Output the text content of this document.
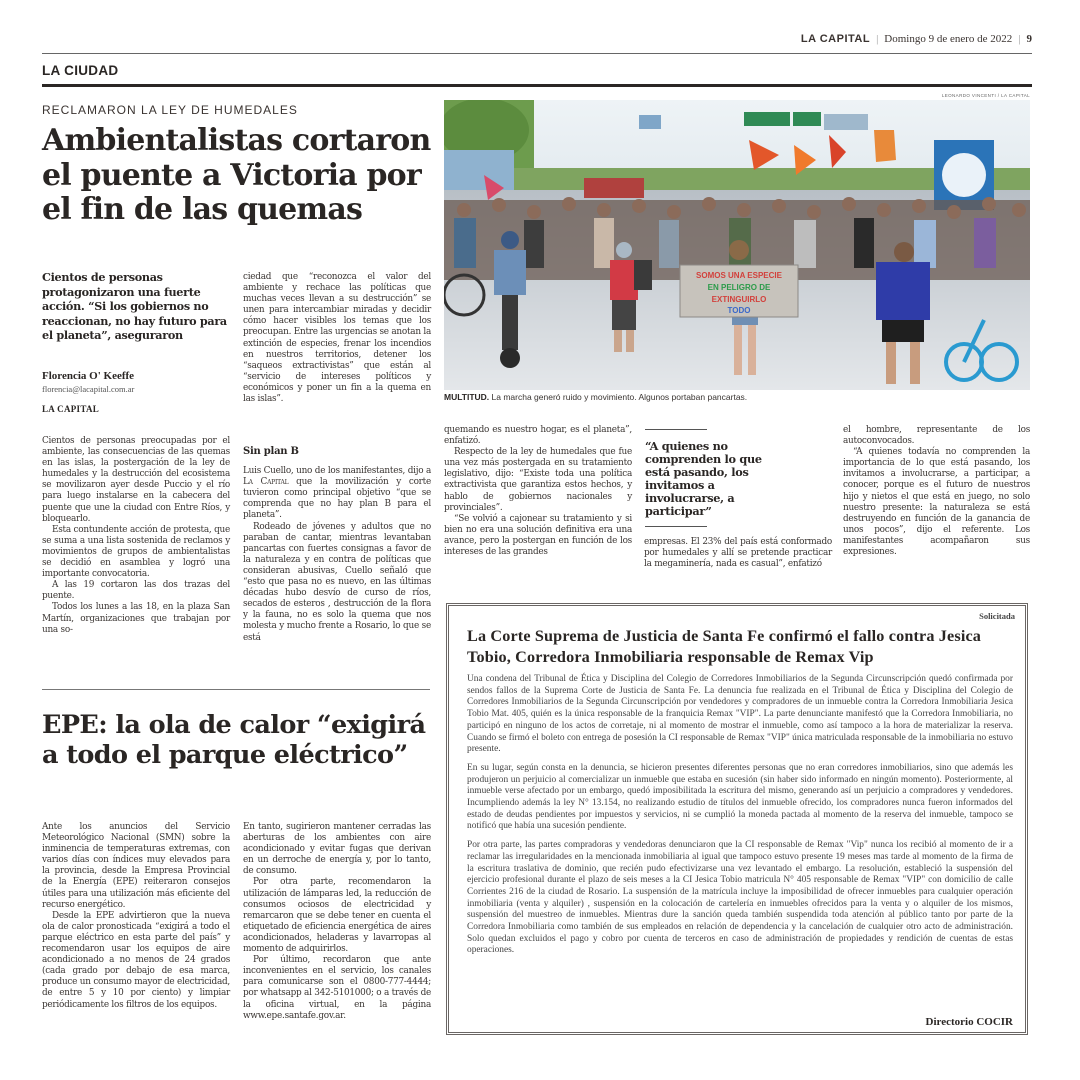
LA CAPITAL | Domingo 9 de enero de 2022 | 9
LA CIUDAD
RECLAMARON LA LEY DE HUMEDALES
Ambientalistas cortaron el puente a Victoria por el fin de las quemas
Cientos de personas protagonizaron una fuerte acción. “Si los gobiernos no reaccionan, no hay futuro para el planeta”, aseguraron
Florencia O' Keeffe
florencia@lacapital.com.ar
LA CAPITAL

ciedad que “reconozca el valor del ambiente y rechace las políticas que muchas veces llevan a su destrucción” se unen para intercambiar miradas y decidir cómo hacer visibles los temas que los preocupan. Entre las urgencias se anotan la extinción de especies, frenar los incendios en nuestros territorios, detener los “saqueos extractivistas” que están al “servicio de intereses políticos y económicos y poner un fin a la quema en las islas”.

Cientos de personas preocupadas por el ambiente, las consecuencias de las quemas en las islas, la postergación de la ley de humedales y la destrucción del ecosistema se movilizaron ayer desde Puccio y el río para luego instalarse en la cabecera del puente que une la ciudad con Entre Ríos, y bloquearlo.

Esta contundente acción de protesta, que se suma a una lista sostenida de reclamos y movimientos de grupos de ambientalistas se decidió en asamblea y logró una importante convocatoria.

A las 19 cortaron las dos trazas del puente.

Todos los lunes a las 18, en la plaza San Martín, organizaciones que trabajan por una so-

Sin plan B

Luis Cuello, uno de los manifestantes, dijo a La Capital que la movilización y corte tuvieron como principal objetivo “que se comprenda que no hay plan B para el planeta”.

Rodeado de jóvenes y adultos que no paraban de cantar, mientras levantaban pancartas con fuertes consignas a favor de la naturaleza y en contra de políticas que consideran abusivas, Cuello señaló que “esto que pasa no es nuevo, en las últimas décadas hubo desvío de curso de ríos, secados de esteros , destrucción de la flora y la fauna, no es solo la quema que nos molesta y mucho frente a Rosario, lo que se está

LEONARDO VINCENTI / LA CAPITAL
SOMOS UNA ESPECIE
EN PELIGRO DE
EXTINGUIRLO
TODO
MULTITUD. La marcha generó ruido y movimiento. Algunos portaban pancartas.

quemando es nuestro hogar, es el planeta”, enfatizó.

Respecto de la ley de humedales que fue una vez más postergada en su tratamiento legislativo, dijo: “Existe toda una política extractivista que garantiza estos hechos, y hablo de gobiernos nacionales y provinciales”.

“Se volvió a cajonear su tratamiento y si bien no era una solución definitiva era una avance, pero la postergan en función de los intereses de las grandes

“A quienes no comprenden lo que está pasando, los invitamos a involucrarse, a participar”

empresas. El 23% del país está conformado por humedales y allí se pretende practicar la megaminería, nada es casual”, enfatizó

el hombre, representante de los autoconvocados.

“A quienes todavía no comprenden la importancia de lo que está pasando, los invitamos a involucrarse, a participar, a conocer, porque es el futuro de nuestros hijo y nietos el que está en juego, no solo nuestro presente: la naturaleza se está destruyendo en función de la ganancia de unos pocos”, dijo el referente. Los manifestantes acompañaron sus expresiones.

EPE: la ola de calor “exigirá a todo el parque eléctrico”

Ante los anuncios del Servicio Meteorológico Nacional (SMN) sobre la inminencia de temperaturas extremas, con varios días con índices muy elevados para la provincia, desde la Empresa Provincial de la Energía (EPE) reiteraron consejos útiles para una utilización más eficiente del recurso energético.

Desde la EPE advirtieron que la nueva ola de calor pronosticada “exigirá a todo el parque eléctrico en esta parte del país” y recomendaron usar los equipos de aire acondicionado a no menos de 24 grados (cada grado por debajo de esa marca, produce un consumo mayor de electricidad, de entre 5 y 10 por ciento) y limpiar periódicamente los filtros de los equipos.

En tanto, sugirieron mantener cerradas las aberturas de los ambientes con aire acondicionado y evitar fugas que derivan en un derroche de energía y, por lo tanto, de consumo.

Por otra parte, recomendaron la utilización de lámparas led, la reducción de consumos ociosos de electricidad y remarcaron que se debe tener en cuenta el etiquetado de eficiencia energética de aires acondicionados, heladeras y lavarropas al momento de adquirirlos.

Por último, recordaron que ante inconvenientes en el servicio, los canales para comunicarse son el 0800-777-4444; por whatsapp al 342-5101000; o a través de la oficina virtual, en la página www.epe.santafe.gov.ar.

Solicitada
La Corte Suprema de Justicia de Santa Fe confirmó el fallo contra Jesica Tobio, Corredora Inmobiliaria responsable de Remax Vip

Una condena del Tribunal de Ética y Disciplina del Colegio de Corredores Inmobiliarios de la Segunda Circunscripción quedó confirmada por sendos fallos de la Suprema Corte de Justicia de Santa Fe. La denuncia fue realizada en el Tribunal de Ética y Disciplina del Colegio de Corredores Inmobiliarios de la Segunda Circunscripción por vendedores y compradores de un inmueble contra la Corredora Inmobiliaria Jesica Tobio Mat. 405, quién es la única responsable de la franquicia Remax "VIP". La parte denunciante manifestó que la Corredora Inmobiliaria, no participó en ninguno de los actos de corretaje, ni al momento de mostrar el inmueble, como así tampoco a la hora de materializar la reserva. Cuando se firmó el boleto con entrega de posesión la CI responsable de Remax "VIP" única matriculada responsable de la inmobiliaria no estuvo presente.

En su lugar, según consta en la denuncia, se hicieron presentes diferentes personas que no eran corredores inmobiliarios, sino que además les produjeron un perjuicio al comercializar un inmueble que estaba en sucesión (sin haber sido informado en ningún momento). Posteriormente, al inmueble verse afectado por un embargo, quedó imposibilitada la escritura del mismo, generando así un perjuicio a compradores y vendedores. Incumpliendo además la ley N° 13.154, no realizando estudio de títulos del inmueble ofrecido, los compradores nunca fueron informados del estado de deudas pendientes por impuestos y servicios, ni se cumplió la moneda pactada al momento de la reserva del inmueble, tampoco se notificó que había una sucesión pendiente.

Por otra parte, las partes compradoras y vendedoras denunciaron que la CI responsable de Remax "Vip" nunca los recibió al momento de ir a reclamar las irregularidades en la mencionada inmobiliaria al igual que tampoco estuvo presente 19 meses mas tarde al momento de la firma de la escritura traslativa de dominio, que recién pudo efectivizarse una vez levantado el embargo. La resolución, estableció la suspensión del ejercicio profesional durante el plazo de seis meses a la CI Jesica Tobio matricula N° 405 responsable de Remax "VIP" con domicilio de calle Corrientes 216 de la ciudad de Rosario. La suspensión de la matrícula incluye la imposibilidad de ofrecer inmuebles para cualquier operación inmobiliaria (venta y alquiler) , suspensión en la colocación de cartelería en inmuebles ofrecidos para la venta y o alquiler de los mismos, suspensión del muestreo de inmuebles. Mientras dure la sanción queda también suspendida toda atención al público tanto por parte de la Corredora Inmobiliaria como también de sus empleados en relación de dependencia y la cancelación de cualquier otro acto de administración. Solo quedan excluidos el pago y cobro por cuenta de terceros en caso de administración de propiedades y rendición de cuentas de estas operaciones.

Directorio COCIR
